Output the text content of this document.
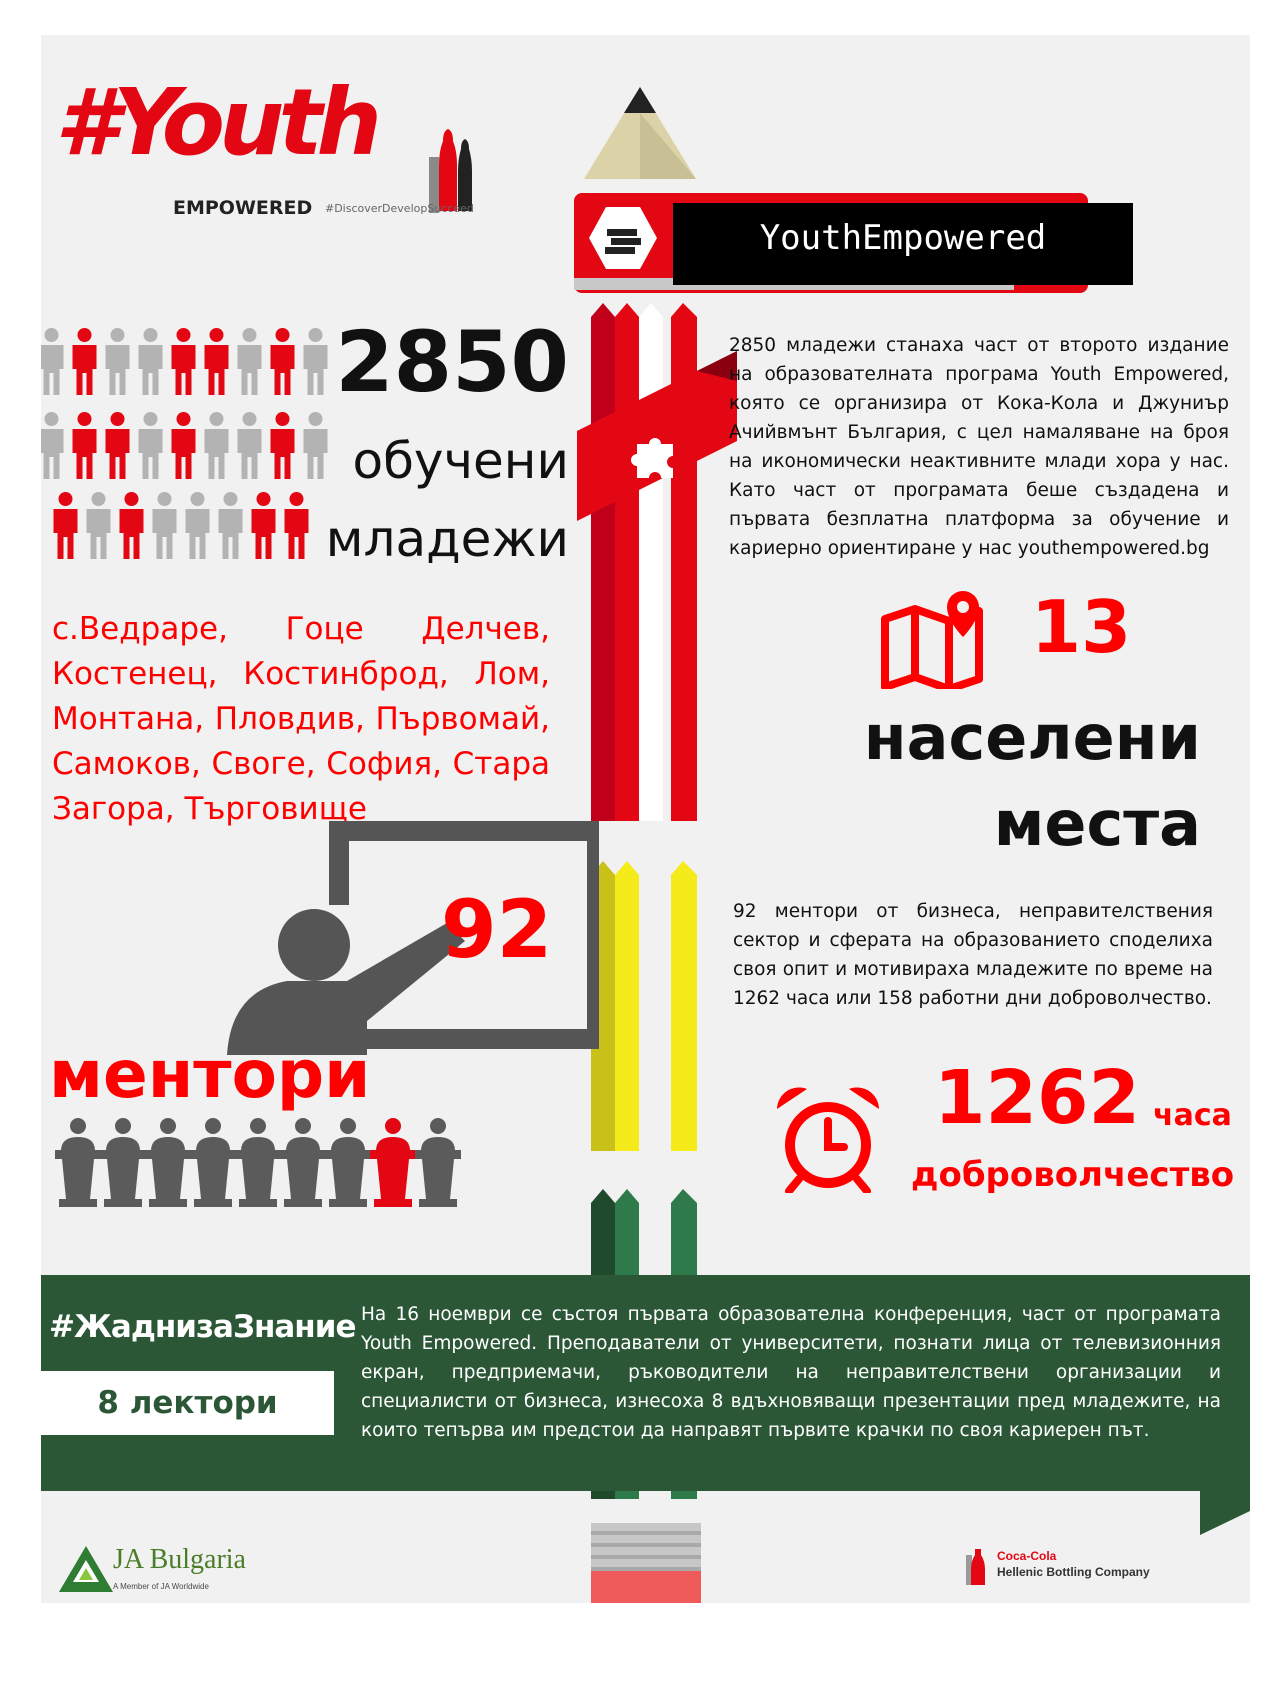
#Youth
EMPOWERED #DiscoverDevelopSucceed
YouthEmpowered
2850
обучени
младежи
с.Ведраре, Гоце Делчев, Костенец, Костинброд, Лом, Монтана, Пловдив, Първомай, Самоков, Своге, София, Стара Загора, Търговище
2850 младежи станаха част от второто издание на образователната програма Youth Empowered, която се организира от Кока-Кола и Джуниър Ачийвмънт България, с цел намаляване на броя на икономически неактивните млади хора у нас. Като част от програмата беше създадена и първата безплатна платформа за обучение и кариерно ориентиране у нас youthempowered.bg
13
населени
места
92
ментори
92 ментори от бизнеса, неправителствения сектор и сферата на образованието споделиха своя опит и мотивираха младежите по време на 1262 часа или 158 работни дни доброволчество.
1262 часа
доброволчество
#ЖаднизаЗнание
8 лектори
На 16 ноември се състоя първата образователна конференция, част от програмата Youth Empowered. Преподаватели от университети, познати лица от телевизионния екран, предприемачи, ръководители на неправителствени организации и специалисти от бизнеса, изнесоха 8 вдъхновяващи презентации пред младежите, на които тепърва им предстои да направят първите крачки по своя кариерен път.
JA Bulgaria
A Member of JA Worldwide
Coca-Cola
Hellenic Bottling Company
